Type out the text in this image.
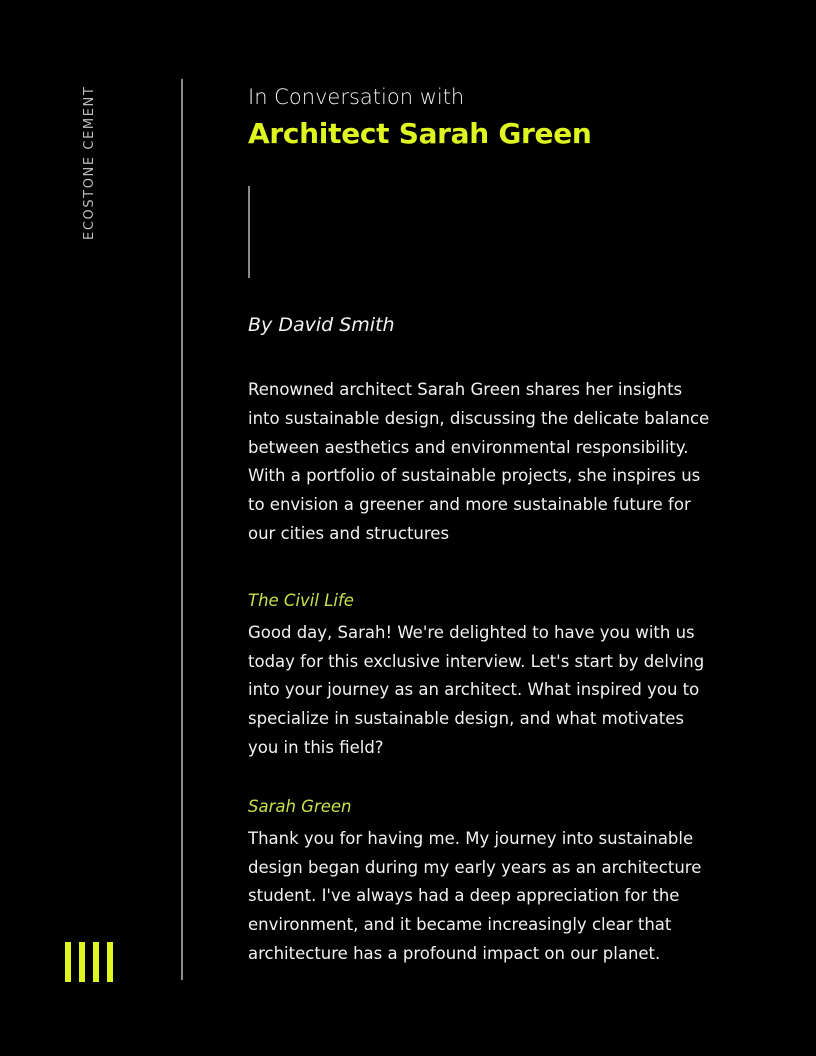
ECOSTONE CEMENT	In Conversation with

Architect Sarah Green
By David Smith
Renowned architect Sarah Green shares her insights into sustainable design, discussing the delicate balance between aesthetics and environmental responsibility. With a portfolio of sustainable projects, she inspires us to envision a greener and more sustainable future for our cities and structures
The Civil Life
Good day, Sarah! We're delighted to have you with us today for this exclusive interview. Let's start by delving into your journey as an architect. What inspired you to specialize in sustainable design, and what motivates you in this field?
Sarah Green
Thank you for having me. My journey into sustainable design began during my early years as an architecture student. I've always had a deep appreciation for the environment, and it became increasingly clear that architecture has a profound impact on our planet.
